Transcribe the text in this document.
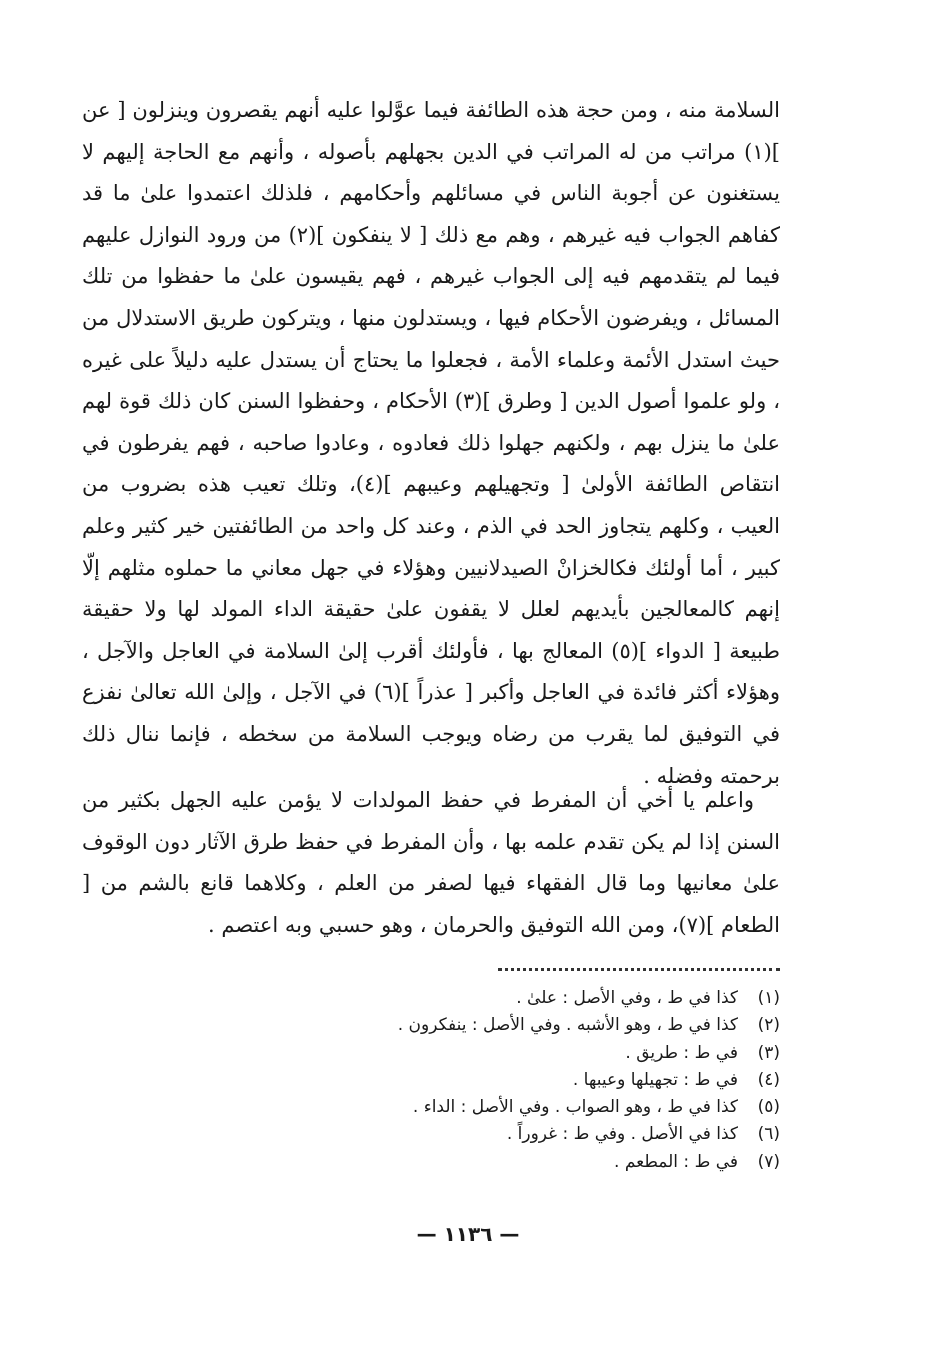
السلامة منه ، ومن حجة هذه الطائفة فيما عوَّلوا عليه أنهم يقصرون وينزلون [ عن ](١) مراتب من له المراتب في الدين بجهلهم بأصوله ، وأنهم مع الحاجة إليهم لا يستغنون عن أجوبة الناس في مسائلهم وأحكامهم ، فلذلك اعتمدوا علىٰ ما قد كفاهم الجواب فيه غيرهم ، وهم مع ذلك [ لا ينفكون ](٢) من ورود النوازل عليهم فيما لم يتقدمهم فيه إلى الجواب غيرهم ، فهم يقيسون علىٰ ما حفظوا من تلك المسائل ، ويفرضون الأحكام فيها ، ويستدلون منها ، ويتركون طريق الاستدلال من حيث استدل الأئمة وعلماء الأمة ، فجعلوا ما يحتاج أن يستدل عليه دليلاً على غيره ، ولو علموا أصول الدين [ وطرق ](٣) الأحكام ، وحفظوا السنن كان ذلك قوة لهم علىٰ ما ينزل بهم ، ولكنهم جهلوا ذلك فعادوه ، وعادوا صاحبه ، فهم يفرطون في انتقاص الطائفة الأولىٰ [ وتجهيلهم وعيبهم ](٤)، وتلك تعيب هذه بضروب من العيب ، وكلهم يتجاوز الحد في الذم ، وعند كل واحد من الطائفتين خير كثير وعلم كبير ، أما أولئك فكالخزانْ الصيدلانيين وهؤلاء في جهل معاني ما حملوه مثلهم إلّا إنهم كالمعالجين بأيديهم لعلل لا يقفون علىٰ حقيقة الداء المولد لها ولا حقيقة طبيعة [ الدواء ](٥) المعالج بها ، فأولئك أقرب إلىٰ السلامة في العاجل والآجل ، وهؤلاء أكثر فائدة في العاجل وأكبر [ عذراً ](٦) في الآجل ، وإلىٰ الله تعالىٰ نفزع في التوفيق لما يقرب من رضاه ويوجب السلامة من سخطه ، فإنما ننال ذلك برحمته وفضله .

واعلم يا أخي أن المفرط في حفظ المولدات لا يؤمن عليه الجهل بكثير من السنن إذا لم يكن تقدم علمه بها ، وأن المفرط في حفظ طرق الآثار دون الوقوف علىٰ معانيها وما قال الفقهاء فيها لصفر من العلم ، وكلاهما قانع بالشم من [ الطعام ](٧)، ومن الله التوفيق والحرمان ، وهو حسبي وبه اعتصم .

(١)
كذا في ط ، وفي الأصل : علىٰ .
(٢)
كذا في ط ، وهو الأشبه . وفي الأصل : ينفكرون .
(٣)
في ط : طريق .
(٤)
في ط : تجهيلها وعيبها .
(٥)
كذا في ط ، وهو الصواب . وفي الأصل : الداء .
(٦)
كذا في الأصل . وفي ط : غروراً .
(٧)
في ط : المطعم .
— ١١٣٦ —
